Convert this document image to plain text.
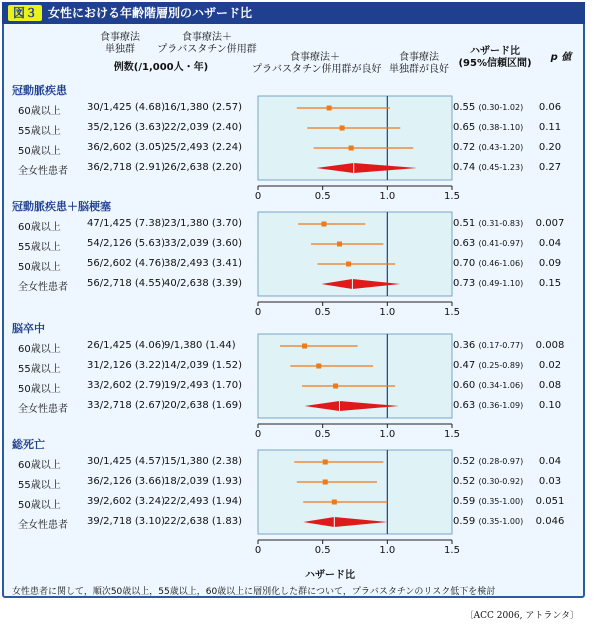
図３ 女性における年齢階層別のハザード比
食事療法
単独群
食事療法＋
プラバスタチン併用群
例数(/1,000人・年)
食事療法＋
プラバスタチン併用群が良好
食事療法
単独群が良好
ハザード比
(95%信頼区間)
p 値
冠動脈疾患
0	0.5	1.0	1.5
60歳以上	30/1,425 (4.68) 16/1,380 (2.57)	0.55 (0.30-1.02)	0.06
55歳以上	35/2,126 (3.63) 22/2,039 (2.40)	0.65 (0.38-1.10)	0.11
50歳以上	36/2,602 (3.05) 25/2,493 (2.24)	0.72 (0.43-1.20)	0.20
全女性患者 36/2,718 (2.91) 26/2,638 (2.20)	0.74 (0.45-1.23)	0.27
冠動脈疾患＋脳梗塞
0	0.5	1.0	1.5
60歳以上	47/1,425 (7.38) 23/1,380 (3.70)	0.51 (0.31-0.83)	0.007
55歳以上	54/2,126 (5.63) 33/2,039 (3.60)	0.63 (0.41-0.97)	0.04
50歳以上	56/2,602 (4.76) 38/2,493 (3.41)	0.70 (0.46-1.06)	0.09
全女性患者 56/2,718 (4.55) 40/2,638 (3.39)	0.73 (0.49-1.10)	0.15
脳卒中
0	0.5	1.0	1.5
60歳以上	26/1,425 (4.06) 9/1,380 (1.44)	0.36 (0.17-0.77)	0.008
55歳以上	31/2,126 (3.22) 14/2,039 (1.52)	0.47 (0.25-0.89)	0.02
50歳以上	33/2,602 (2.79) 19/2,493 (1.70)	0.60 (0.34-1.06)	0.08
全女性患者 33/2,718 (2.67) 20/2,638 (1.69)	0.63 (0.36-1.09)	0.10
総死亡
0	0.5	1.0	1.5
60歳以上	30/1,425 (4.57) 15/1,380 (2.38)	0.52 (0.28-0.97)	0.04
55歳以上	36/2,126 (3.66) 18/2,039 (1.93)	0.52 (0.30-0.92)	0.03
50歳以上	39/2,602 (3.24) 22/2,493 (1.94)	0.59 (0.35-1.00)	0.051
全女性患者 39/2,718 (3.10) 22/2,638 (1.83)	0.59 (0.35-1.00)	0.046
ハザード比
女性患者に関して，順次50歳以上，55歳以上，60歳以上に層別化した群について，プラバスタチンのリスク低下を検討
〔ACC 2006, アトランタ〕
